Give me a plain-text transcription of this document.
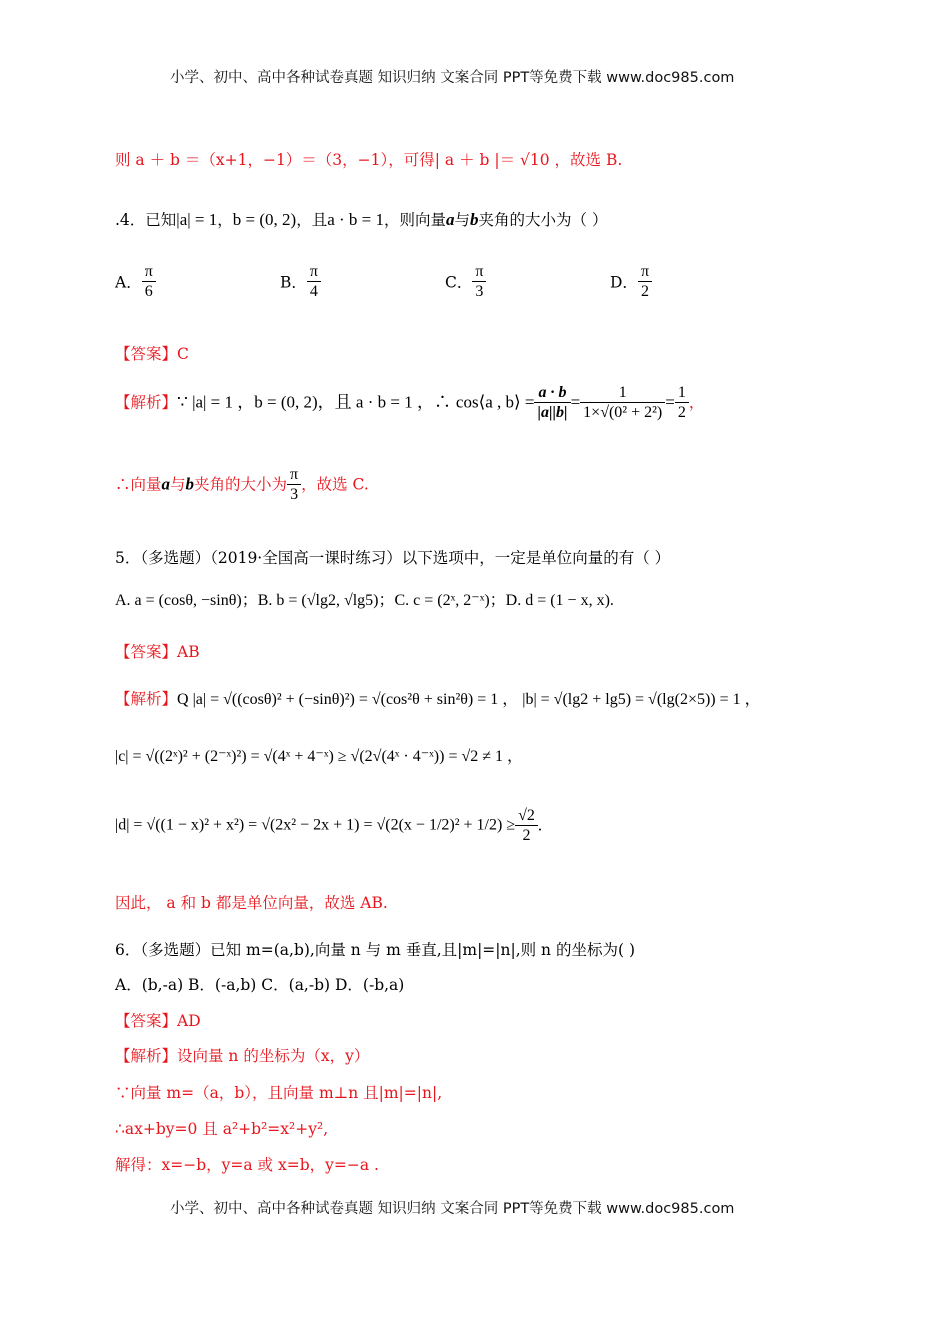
小学、初中、高中各种试卷真题 知识归纳 文案合同 PPT等免费下载 www.doc985.com
则 a ＋ b ＝（x+1，−1）＝（3，−1），可得| a ＋ b |＝ √10 ，故选 B.
.4．已知|a| = 1，b = (0, 2)，且a · b = 1，则向量a与b夹角的大小为（ ）
A． $\frac{\pi}{6}$	B． $\frac{\pi}{4}$	C． $\frac{\pi}{3}$	D． $\frac{\pi}{2}$
【答案】C
【解析】∵ |a| = 1 ，b = (0, 2)，且 a · b = 1 ，∴ cos⟨a , b⟩ = $\frac{a \cdot b}{|a||b|} = \frac{1}{\text{1×√(0² + 2²)}} = \frac{1}{2}$ ，
∴向量a与b夹角的大小为 $\frac{\pi}{3}$ ，故选 C.
5．（多选题）（2019·全国高一课时练习）以下选项中，一定是单位向量的有（ ）
A. a = (cosθ, −sinθ)；B. b = (√lg2, √lg5)；C. c = (2ˣ, 2⁻ˣ)；D. d = (1 − x, x).
【答案】AB
【解析】Q |a| = √((cosθ)² + (−sinθ)²) = √(cos²θ + sin²θ) = 1 ， |b| = √(lg2 + lg5) = √(lg(2×5)) = 1 ，
|c| = √((2ˣ)² + (2⁻ˣ)²) = √(4ˣ + 4⁻ˣ) ≥ √(2√(4ˣ · 4⁻ˣ)) = √2 ≠ 1 ，
$|d| = √((1 - x)^2 + x^2) = √(2x^2 - 2x + 1) = √(2(x - 1/2)^2 + 1/2) \ge \frac{√2}{2}$ .
因此， a 和 b 都是单位向量，故选 AB.
6．（多选题）已知 m=(a,b),向量 n 与 m 垂直,且|m|=|n|,则 n 的坐标为( )
A．(b,-a) B．(-a,b) C．(a,-b) D．(-b,a)
【答案】AD
【解析】设向量 n 的坐标为（x，y）
∵向量 m=（a，b），且向量 m⊥n 且|m|=|n|,
∴ax+by=0 且 a²+b²=x²+y²,
解得：x=−b，y=a 或 x=b，y=−a .
小学、初中、高中各种试卷真题 知识归纳 文案合同 PPT等免费下载 www.doc985.com
